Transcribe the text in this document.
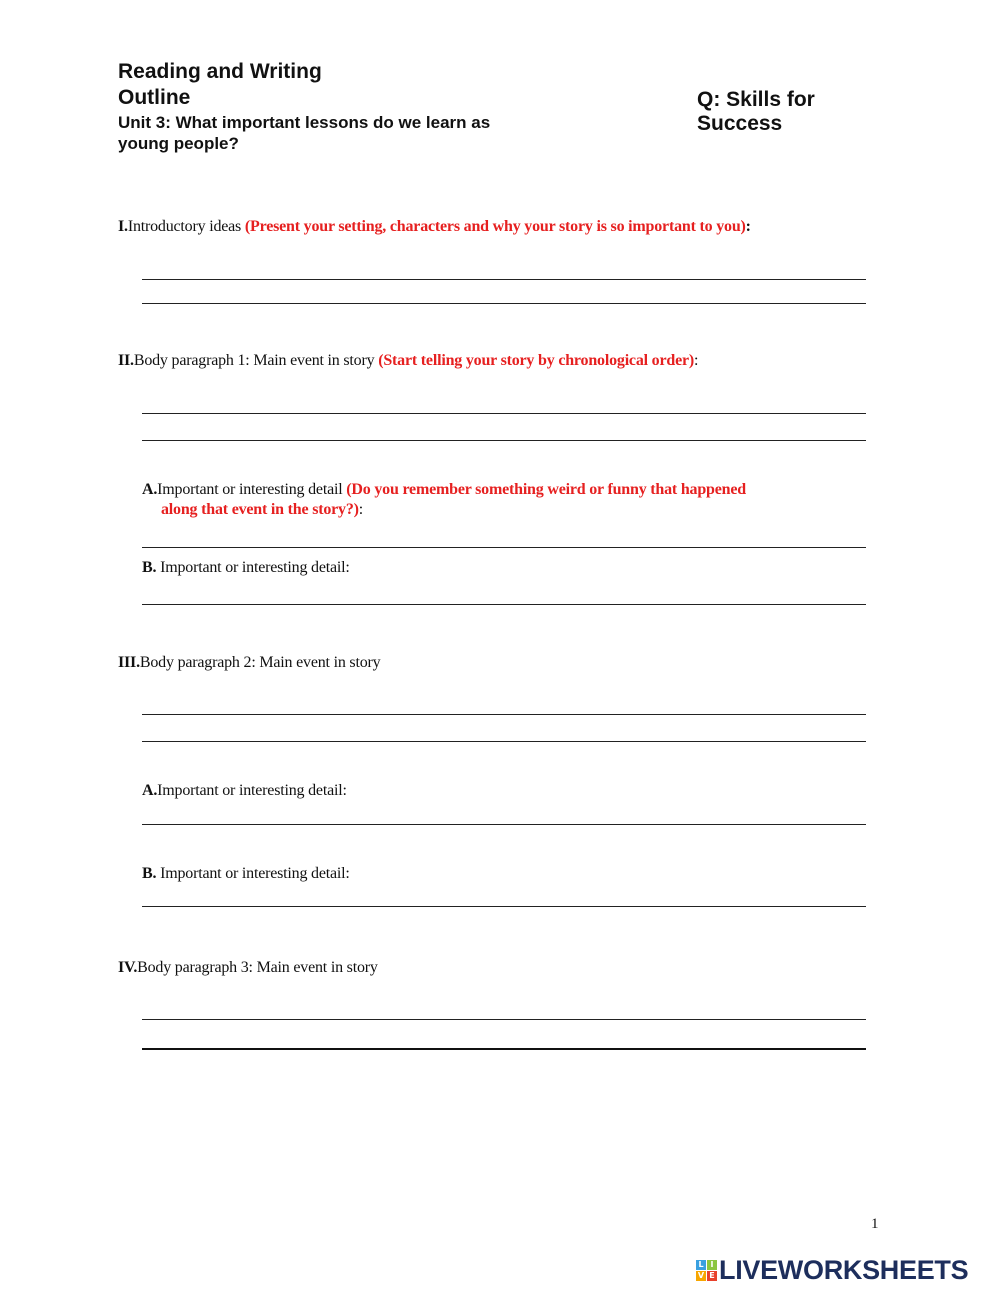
Reading and Writing
Outline
Unit 3: What important lessons do we learn as
young people?
Q: Skills for
Success
I.Introductory ideas (Present your setting, characters and why your story is so important to you):
II.Body paragraph 1: Main event in story (Start telling your story by chronological order):
A.Important or interesting detail (Do you remember something weird or funny that happened
along that event in the story?):
B. Important or interesting detail:
III.Body paragraph 2: Main event in story
A.Important or interesting detail:
B. Important or interesting detail:
IV.Body paragraph 3: Main event in story
1
L I
V E LIVEWORKSHEETS
